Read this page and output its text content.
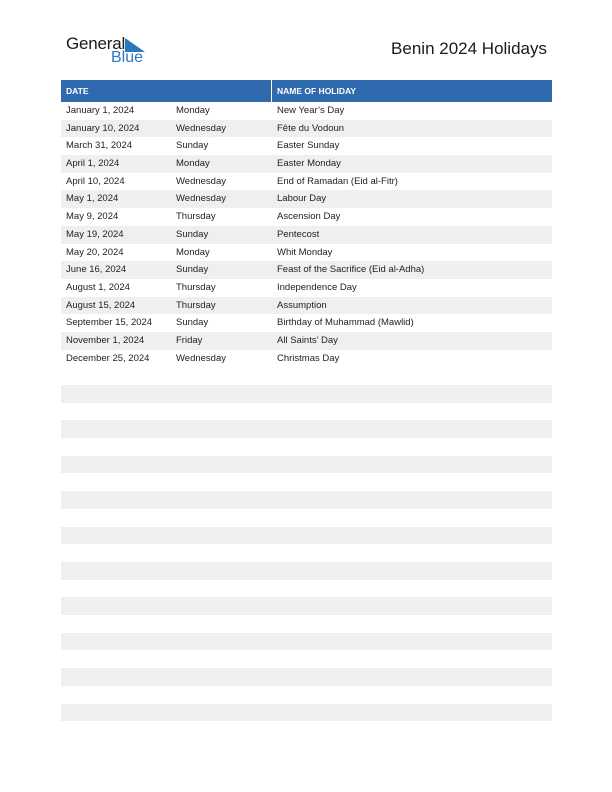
General
Blue	Benin 2024 Holidays
DATE	NAME OF HOLIDAY
January 1, 2024	Monday	New Year’s Day
January 10, 2024	Wednesday	Fête du Vodoun
March 31, 2024	Sunday	Easter Sunday
April 1, 2024	Monday	Easter Monday
April 10, 2024	Wednesday	End of Ramadan (Eid al-Fitr)
May 1, 2024	Wednesday	Labour Day
May 9, 2024	Thursday	Ascension Day
May 19, 2024	Sunday	Pentecost
May 20, 2024	Monday	Whit Monday
June 16, 2024	Sunday	Feast of the Sacrifice (Eid al-Adha)
August 1, 2024	Thursday	Independence Day
August 15, 2024	Thursday	Assumption
September 15, 2024	Sunday	Birthday of Muhammad (Mawlid)
November 1, 2024	Friday	All Saints’ Day
December 25, 2024	Wednesday	Christmas Day
